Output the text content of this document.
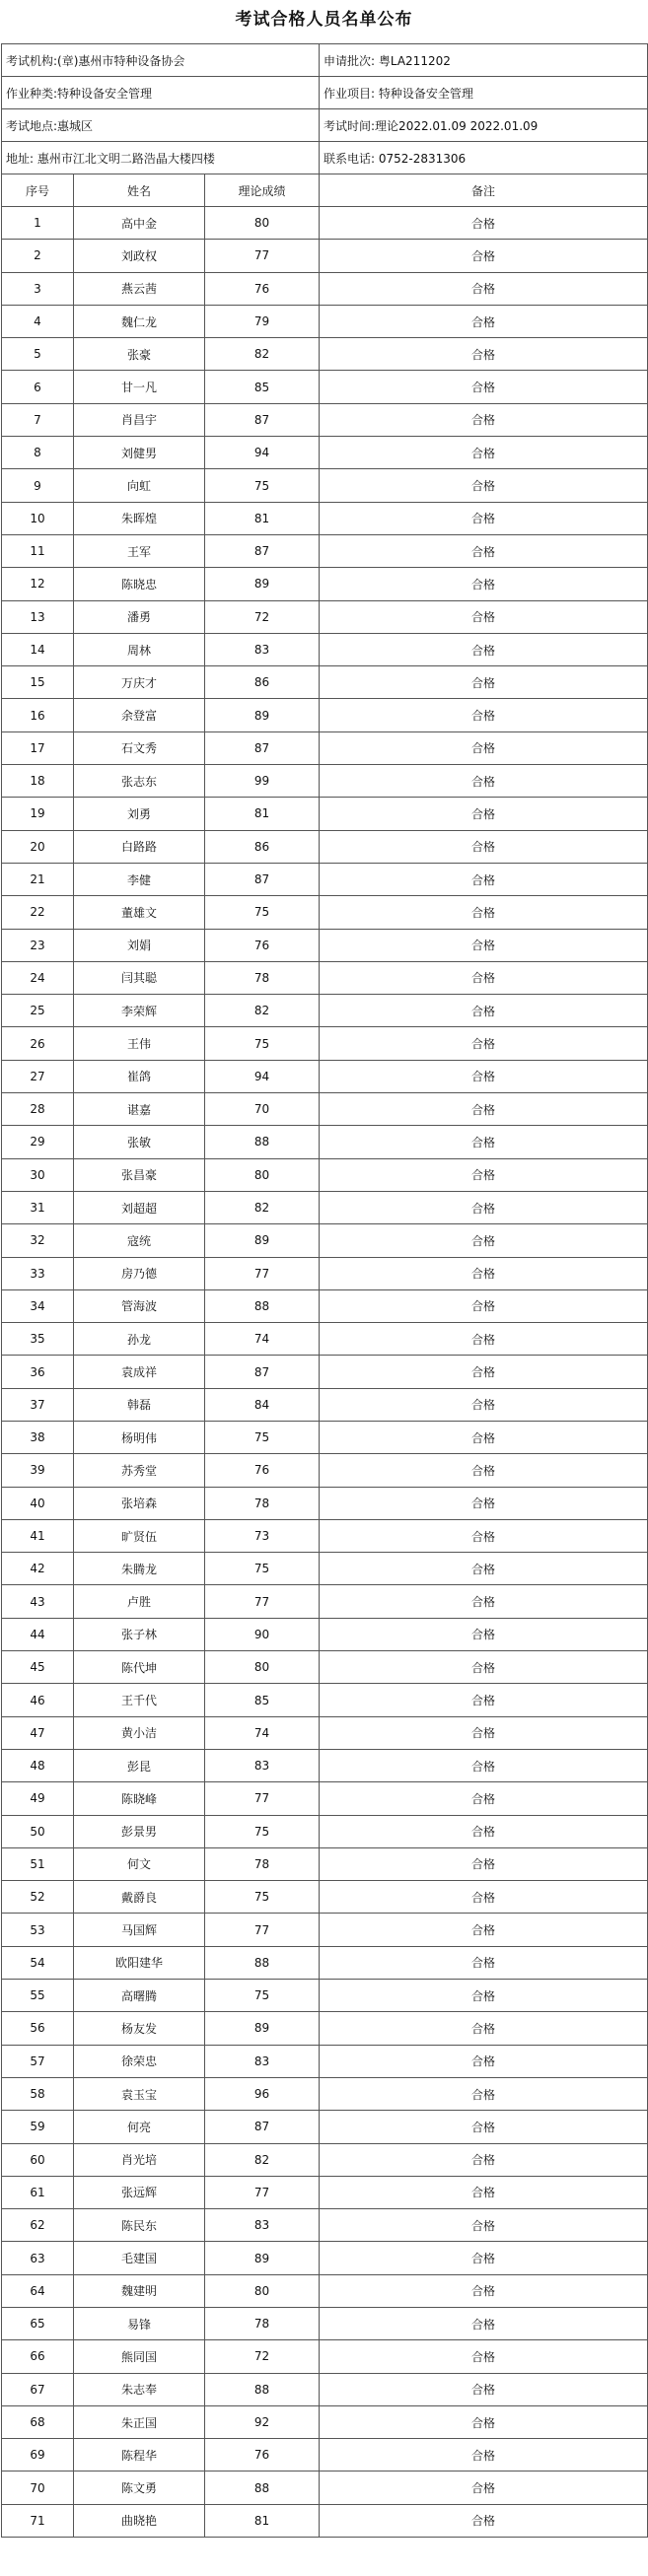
考试合格人员名单公布
考试机构:(章)惠州市特种设备协会			申请批次: 粤LA211202
作业种类:特种设备安全管理			作业项目: 特种设备安全管理
考试地点:惠城区			考试时间:理论2022.01.09 2022.01.09
地址: 惠州市江北文明二路浩晶大楼四楼			联系电话: 0752-2831306
序号	姓名	理论成绩	备注
1	高中金	80	合格
2	刘政权	77	合格
3	燕云茜	76	合格
4	魏仁龙	79	合格
5	张豪	82	合格
6	甘一凡	85	合格
7	肖昌宇	87	合格
8	刘健男	94	合格
9	向虹	75	合格
10	朱晖煌	81	合格
11	王军	87	合格
12	陈晓忠	89	合格
13	潘勇	72	合格
14	周林	83	合格
15	万庆才	86	合格
16	余登富	89	合格
17	石文秀	87	合格
18	张志东	99	合格
19	刘勇	81	合格
20	白路路	86	合格
21	李健	87	合格
22	董雄文	75	合格
23	刘娟	76	合格
24	闫其聪	78	合格
25	李荣辉	82	合格
26	王伟	75	合格
27	崔鸽	94	合格
28	谌嘉	70	合格
29	张敏	88	合格
30	张昌豪	80	合格
31	刘超超	82	合格
32	寇统	89	合格
33	房乃德	77	合格
34	管海波	88	合格
35	孙龙	74	合格
36	袁成祥	87	合格
37	韩磊	84	合格
38	杨明伟	75	合格
39	苏秀堂	76	合格
40	张培森	78	合格
41	旷贤伍	73	合格
42	朱腾龙	75	合格
43	卢胜	77	合格
44	张子林	90	合格
45	陈代坤	80	合格
46	王千代	85	合格
47	黄小洁	74	合格
48	彭昆	83	合格
49	陈晓峰	77	合格
50	彭景男	75	合格
51	何文	78	合格
52	戴爵良	75	合格
53	马国辉	77	合格
54	欧阳建华	88	合格
55	高曙腾	75	合格
56	杨友发	89	合格
57	徐荣忠	83	合格
58	袁玉宝	96	合格
59	何亮	87	合格
60	肖光培	82	合格
61	张远辉	77	合格
62	陈民东	83	合格
63	毛建国	89	合格
64	魏建明	80	合格
65	易锋	78	合格
66	熊同国	72	合格
67	朱志奉	88	合格
68	朱正国	92	合格
69	陈程华	76	合格
70	陈文勇	88	合格
71	曲晓艳	81	合格
